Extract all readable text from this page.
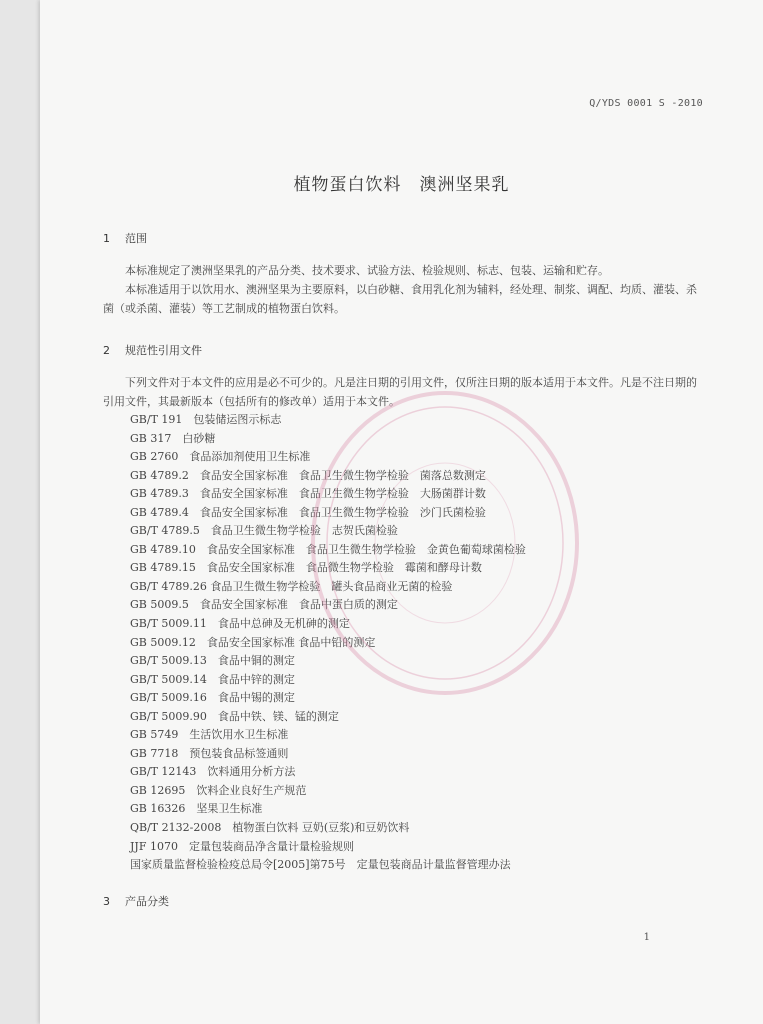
Q/YDS 0001 S -2010
植物蛋白饮料　澳洲坚果乳
1 范围

本标准规定了澳洲坚果乳的产品分类、技术要求、试验方法、检验规则、标志、包装、运输和贮存。

本标准适用于以饮用水、澳洲坚果为主要原料，以白砂糖、食用乳化剂为辅料，经处理、制浆、调配、均质、灌装、杀菌（或杀菌、灌装）等工艺制成的植物蛋白饮料。

2 规范性引用文件

下列文件对于本文件的应用是必不可少的。凡是注日期的引用文件，仅所注日期的版本适用于本文件。凡是不注日期的引用文件，其最新版本（包括所有的修改单）适用于本文件。

GB/T 191　包装储运图示标志
GB 317　白砂糖
GB 2760　食品添加剂使用卫生标准
GB 4789.2　食品安全国家标准　食品卫生微生物学检验　菌落总数测定
GB 4789.3　食品安全国家标准　食品卫生微生物学检验　大肠菌群计数
GB 4789.4　食品安全国家标准　食品卫生微生物学检验　沙门氏菌检验
GB/T 4789.5　食品卫生微生物学检验　志贺氏菌检验
GB 4789.10　食品安全国家标准　食品卫生微生物学检验　金黄色葡萄球菌检验
GB 4789.15　食品安全国家标准　食品微生物学检验　霉菌和酵母计数
GB/T 4789.26 食品卫生微生物学检验　罐头食品商业无菌的检验
GB 5009.5　食品安全国家标准　食品中蛋白质的测定
GB/T 5009.11　食品中总砷及无机砷的测定
GB 5009.12　食品安全国家标准 食品中铅的测定
GB/T 5009.13　食品中铜的测定
GB/T 5009.14　食品中锌的测定
GB/T 5009.16　食品中锡的测定
GB/T 5009.90　食品中铁、镁、锰的测定
GB 5749　生活饮用水卫生标准
GB 7718　预包装食品标签通则
GB/T 12143　饮料通用分析方法
GB 12695　饮料企业良好生产规范
GB 16326　坚果卫生标准
QB/T 2132-2008　植物蛋白饮料 豆奶(豆浆)和豆奶饮料
JJF 1070　定量包装商品净含量计量检验规则
国家质量监督检验检疫总局令[2005]第75号　定量包装商品计量监督管理办法
3 产品分类
1
